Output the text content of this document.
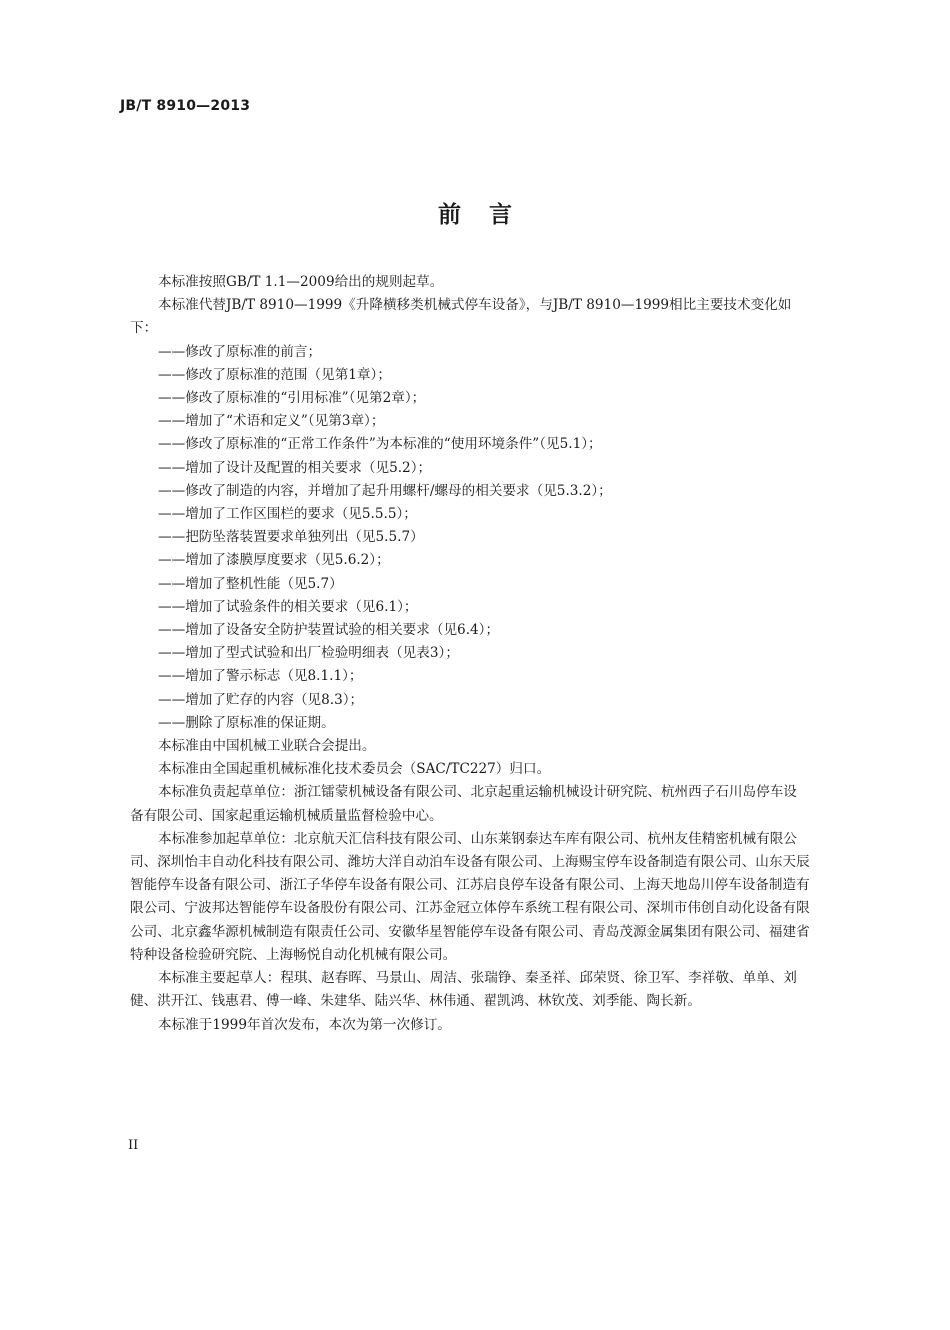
JB/T 8910—2013
前言

本标准按照GB/T 1.1—2009给出的规则起草。

本标准代替JB/T 8910—1999《升降横移类机械式停车设备》，与JB/T 8910—1999相比主要技术变化如下：

——修改了原标准的前言；

——修改了原标准的范围（见第1章）；

——修改了原标准的“引用标准”（见第2章）；

——增加了“术语和定义”（见第3章）；

——修改了原标准的“正常工作条件”为本标准的“使用环境条件”（见5.1）；

——增加了设计及配置的相关要求（见5.2）；

——修改了制造的内容，并增加了起升用螺杆/螺母的相关要求（见5.3.2）；

——增加了工作区围栏的要求（见5.5.5）；

——把防坠落装置要求单独列出（见5.5.7）

——增加了漆膜厚度要求（见5.6.2）；

——增加了整机性能（见5.7）

——增加了试验条件的相关要求（见6.1）；

——增加了设备安全防护装置试验的相关要求（见6.4）；

——增加了型式试验和出厂检验明细表（见表3）；

——增加了警示标志（见8.1.1）；

——增加了贮存的内容（见8.3）；

——删除了原标准的保证期。

本标准由中国机械工业联合会提出。

本标准由全国起重机械标准化技术委员会（SAC/TC227）归口。

本标准负责起草单位：浙江镭蒙机械设备有限公司、北京起重运输机械设计研究院、杭州西子石川岛停车设备有限公司、国家起重运输机械质量监督检验中心。

本标准参加起草单位：北京航天汇信科技有限公司、山东莱钢泰达车库有限公司、杭州友佳精密机械有限公司、深圳怡丰自动化科技有限公司、潍坊大洋自动泊车设备有限公司、上海赐宝停车设备制造有限公司、山东天辰智能停车设备有限公司、浙江子华停车设备有限公司、江苏启良停车设备有限公司、上海天地岛川停车设备制造有限公司、宁波邦达智能停车设备股份有限公司、江苏金冠立体停车系统工程有限公司、深圳市伟创自动化设备有限公司、北京鑫华源机械制造有限责任公司、安徽华星智能停车设备有限公司、青岛茂源金属集团有限公司、福建省特种设备检验研究院、上海畅悦自动化机械有限公司。

本标准主要起草人：程琪、赵春晖、马景山、周洁、张瑞铮、秦圣祥、邱荣贤、徐卫军、李祥敬、单单、刘健、洪开江、钱惠君、傅一峰、朱建华、陆兴华、林伟通、翟凯鸿、林钦茂、刘季能、陶长新。

本标准于1999年首次发布，本次为第一次修订。

II
